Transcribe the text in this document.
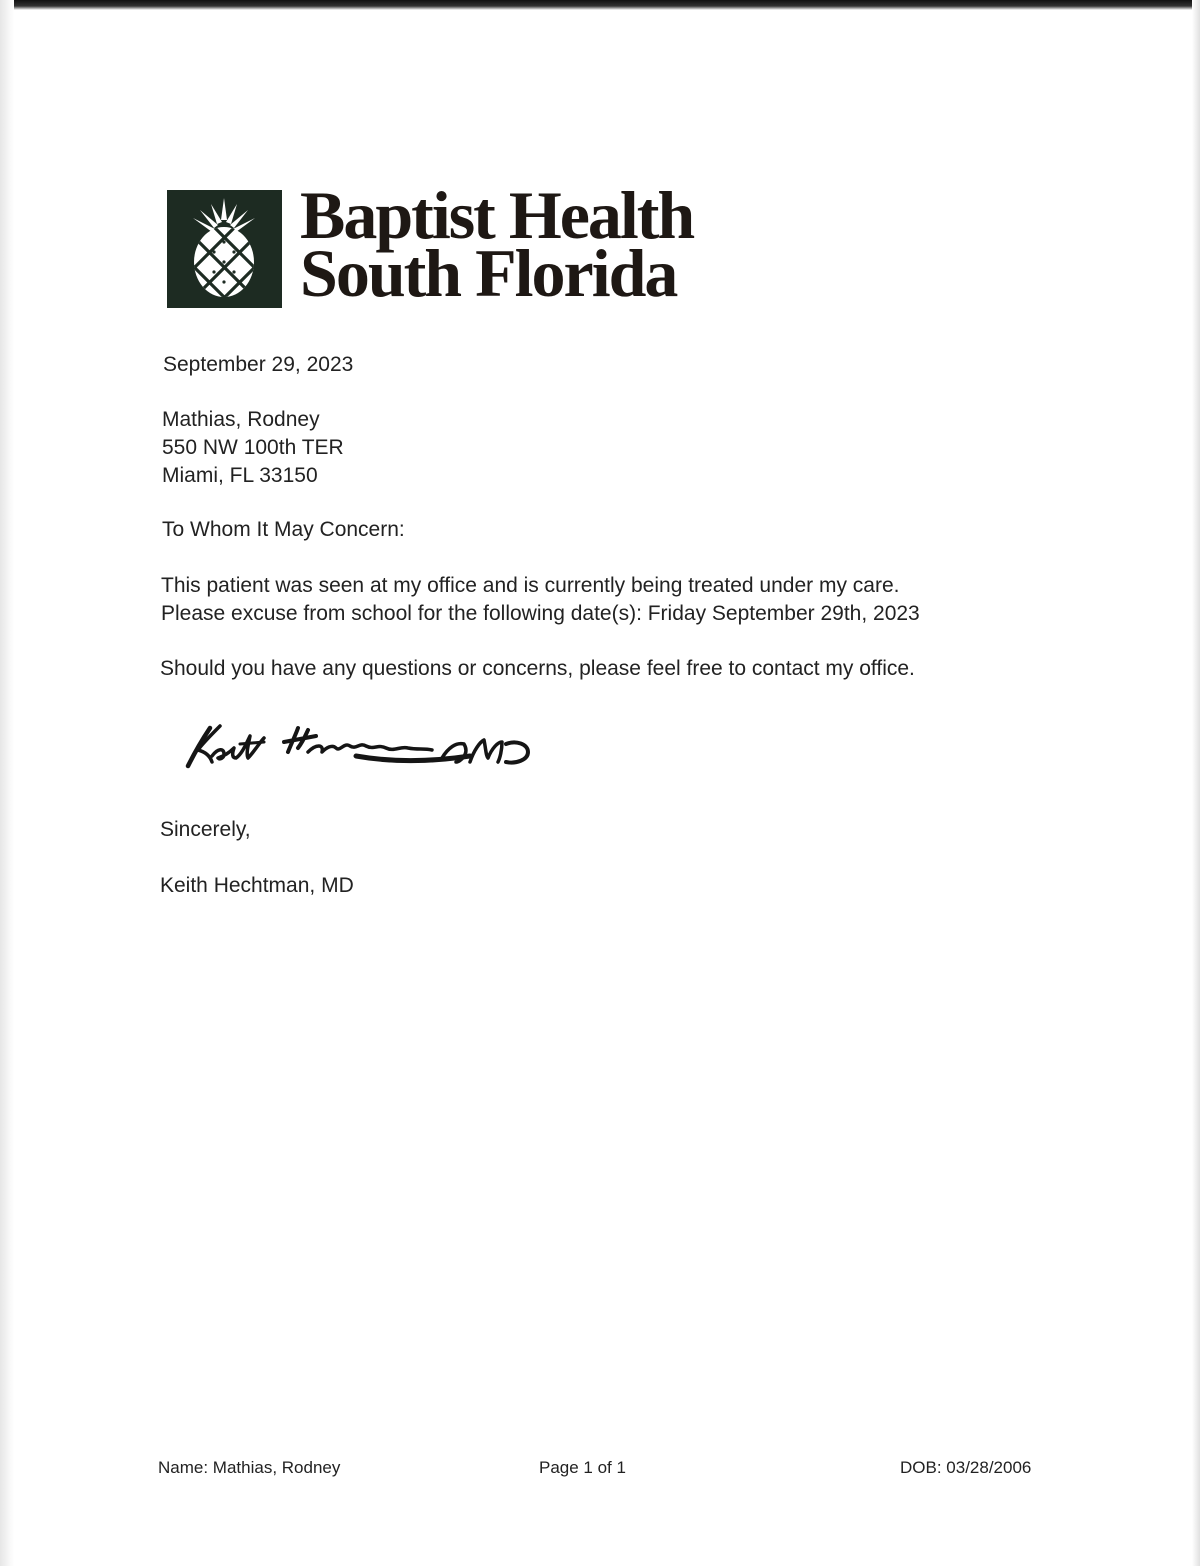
Baptist Health
South Florida
September 29, 2023
Mathias, Rodney
550 NW 100th TER
Miami, FL 33150
To Whom It May Concern:
This patient was seen at my office and is currently being treated under my care.
Please excuse from school for the following date(s): Friday September 29th, 2023
Should you have any questions or concerns, please feel free to contact my office.
Sincerely,
Keith Hechtman, MD
Name: Mathias, Rodney	Page 1 of 1	DOB: 03/28/2006
